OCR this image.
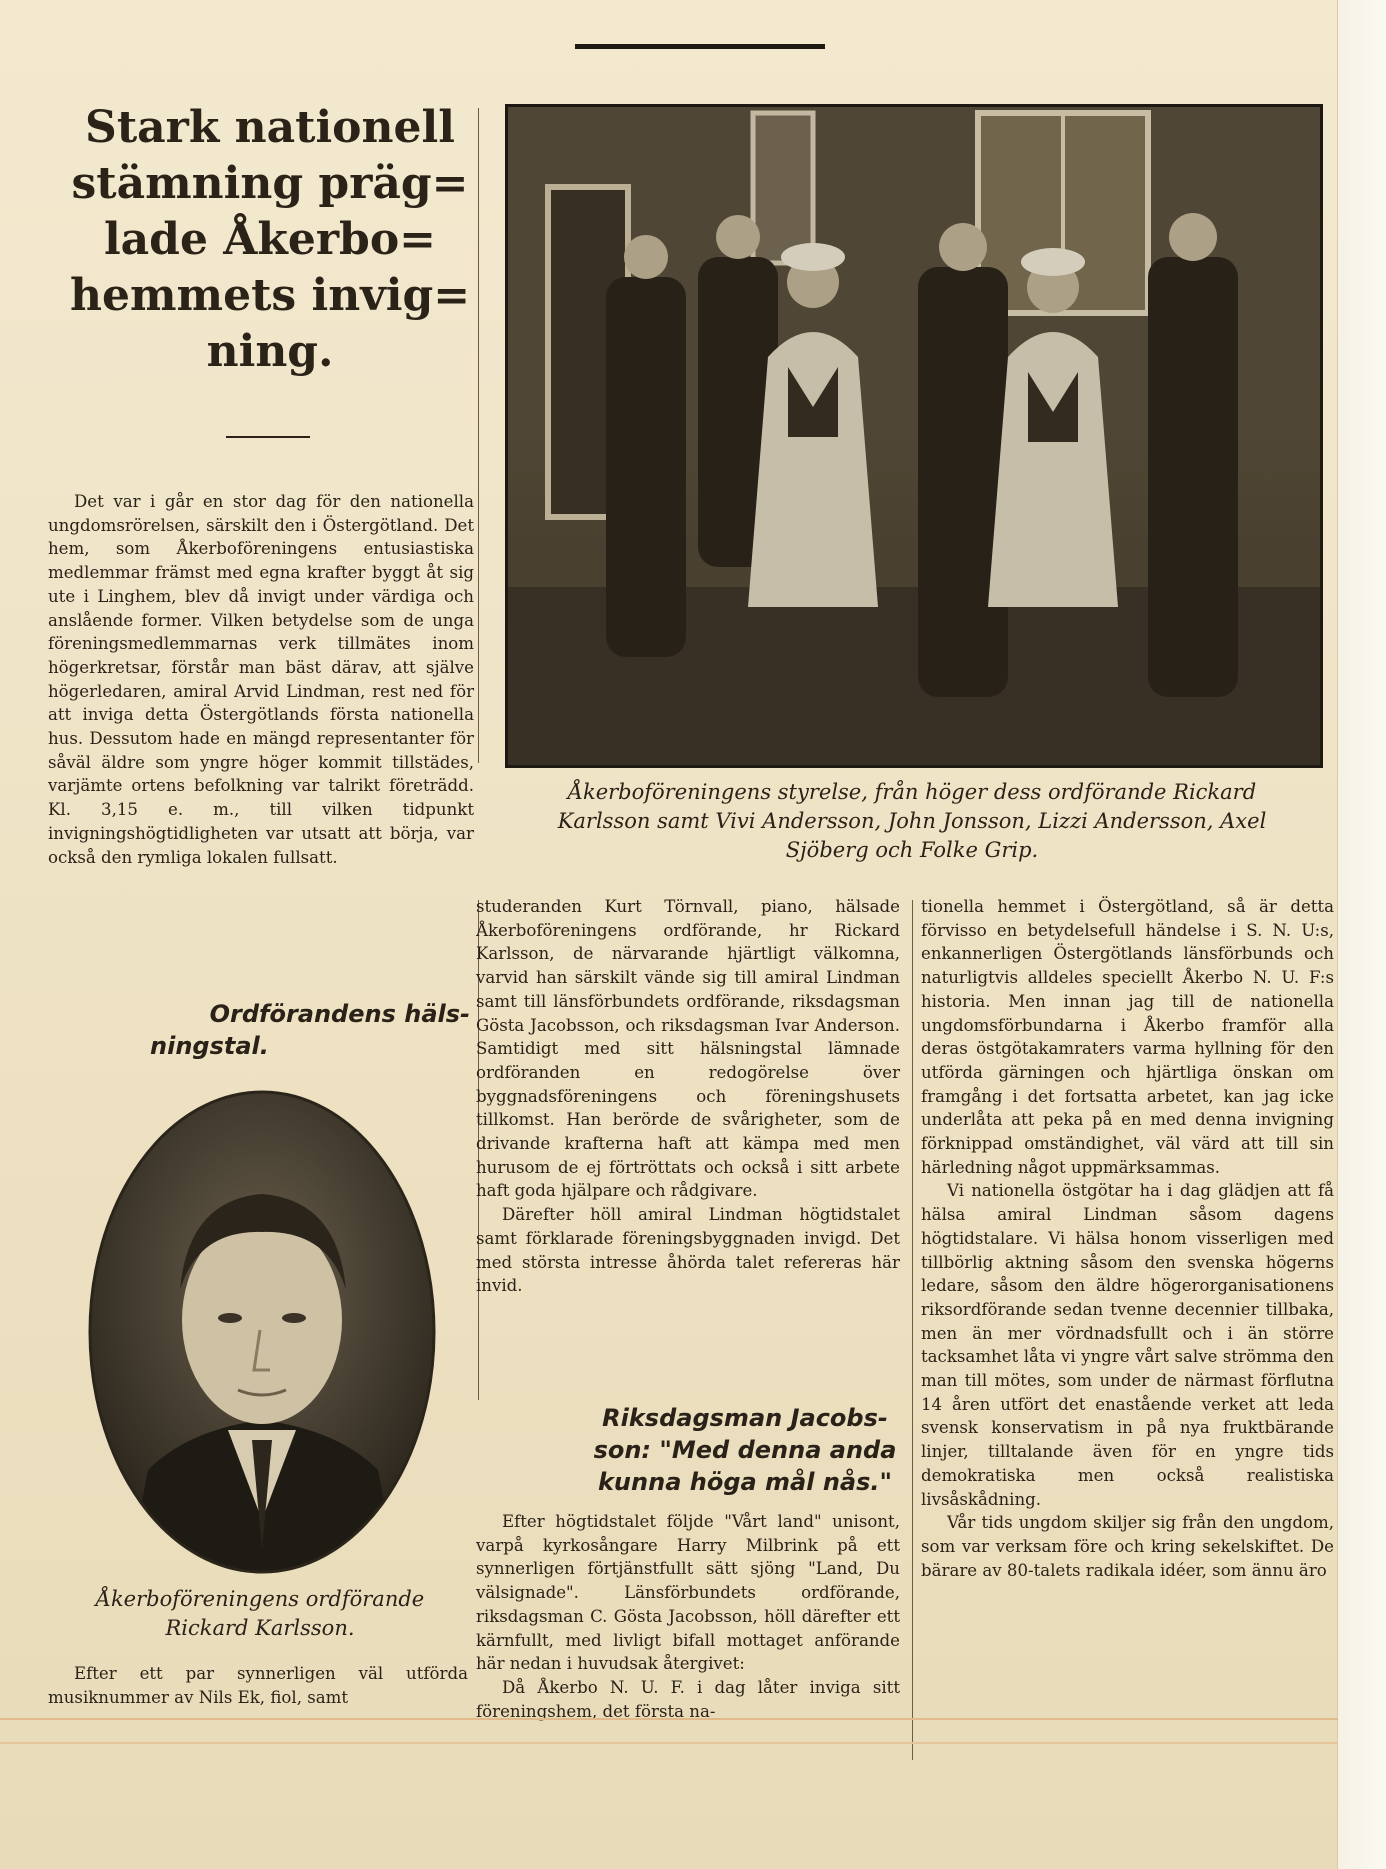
Stark nationell
stämning präg=
lade Åkerbo=
hemmets invig=
ning.

Det var i går en stor dag för den nationella ungdomsrörelsen, särskilt den i Östergötland. Det hem, som Åkerboföreningens entusiastiska medlemmar främst med egna krafter byggt åt sig ute i Linghem, blev då invigt under värdiga och anslående former. Vilken betydelse som de unga föreningsmedlemmarnas verk tillmätes inom högerkretsar, förstår man bäst därav, att själve högerledaren, amiral Arvid Lindman, rest ned för att inviga detta Östergötlands första nationella hus. Dessutom hade en mängd representanter för såväl äldre som yngre höger kommit tillstädes, varjämte ortens befolkning var talrikt företrädd. Kl. 3,15 e. m., till vilken tidpunkt invigningshögtidligheten var utsatt att börja, var också den rymliga lokalen fullsatt.

Ordförandens häls-
ningstal.

Åkerboföreningens ordförande
Rickard Karlsson.

Efter ett par synnerligen väl utförda musiknummer av Nils Ek, fiol, samt

Åkerboföreningens styrelse, från höger dess ordförande Rickard
Karlsson samt Vivi Andersson, John Jonsson, Lizzi Andersson, Axel
Sjöberg och Folke Grip.

studeranden Kurt Törnvall, piano, hälsade Åkerboföreningens ordförande, hr Rickard Karlsson, de närvarande hjärtligt välkomna, varvid han särskilt vände sig till amiral Lindman samt till länsförbundets ordförande, riksdagsman Gösta Jacobsson, och riksdagsman Ivar Anderson. Samtidigt med sitt hälsningstal lämnade ordföranden en redogörelse över byggnadsföreningens och föreningshusets tillkomst. Han berörde de svårigheter, som de drivande krafterna haft att kämpa med men hurusom de ej förtröttats och också i sitt arbete haft goda hjälpare och rådgivare.

Därefter höll amiral Lindman högtidstalet samt förklarade föreningsbyggnaden invigd. Det med största intresse åhörda talet refereras här invid.

Riksdagsman Jacobs-
son: "Med denna anda
kunna höga mål nås."

Efter högtidstalet följde "Vårt land" unisont, varpå kyrkosångare Harry Milbrink på ett synnerligen förtjänstfullt sätt sjöng "Land, Du välsignade". Länsförbundets ordförande, riksdagsman C. Gösta Jacobsson, höll därefter ett kärnfullt, med livligt bifall mottaget anförande här nedan i huvudsak återgivet:

Då Åkerbo N. U. F. i dag låter inviga sitt föreningshem, det första na-

tionella hemmet i Östergötland, så är detta förvisso en betydelsefull händelse i S. N. U:s, enkannerligen Östergötlands länsförbunds och naturligtvis alldeles speciellt Åkerbo N. U. F:s historia. Men innan jag till de nationella ungdomsförbundarna i Åkerbo framför alla deras östgötakamraters varma hyllning för den utförda gärningen och hjärtliga önskan om framgång i det fortsatta arbetet, kan jag icke underlåta att peka på en med denna invigning förknippad omständighet, väl värd att till sin härledning något uppmärksammas.

Vi nationella östgötar ha i dag glädjen att få hälsa amiral Lindman såsom dagens högtidstalare. Vi hälsa honom visserligen med tillbörlig aktning såsom den svenska högerns ledare, såsom den äldre högerorganisationens riksordförande sedan tvenne decennier tillbaka, men än mer vördnadsfullt och i än större tacksamhet låta vi yngre vårt salve strömma den man till mötes, som under de närmast förflutna 14 åren utfört det enastående verket att leda svensk konservatism in på nya fruktbärande linjer, tilltalande även för en yngre tids demokratiska men också realistiska livsåskådning.

Vår tids ungdom skiljer sig från den ungdom, som var verksam före och kring sekelskiftet. De bärare av 80-talets radikala idéer, som ännu äro
